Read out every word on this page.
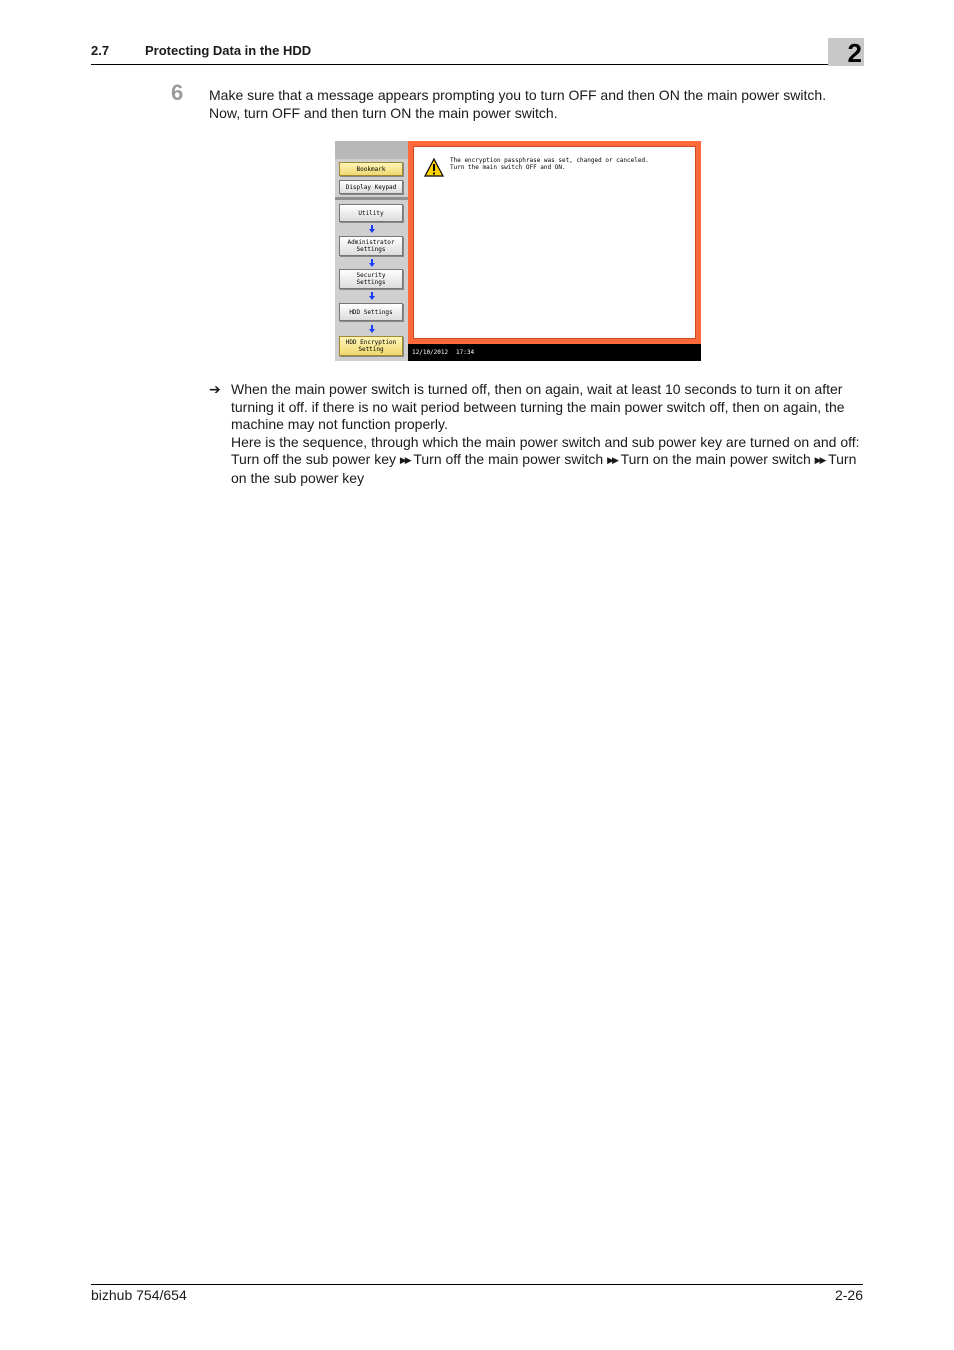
2.7	Protecting Data in the HDD	2
6 Make sure that a message appears prompting you to turn OFF and then ON the main power switch.
Now, turn OFF and then turn ON the main power switch.
Bookmark
Display Keypad
Utility
Administrator
Settings
Security
Settings
HDD Settings
HDD Encryption
Setting
The encryption passphrase was set, changed or canceled.
Turn the main switch OFF and ON.
12/10/2012 17:34
➔ When the main power switch is turned off, then on again, wait at least 10 seconds to turn it on after turning it off. if there is no wait period between turning the main power switch off, then on again, the machine may not function properly.

Here is the sequence, through which the main power switch and sub power key are turned on and off:

Turn off the sub power key ▶▶ Turn off the main power switch ▶▶ Turn on the main power switch ▶▶ Turn on the sub power key

bizhub 754/654	2-26
